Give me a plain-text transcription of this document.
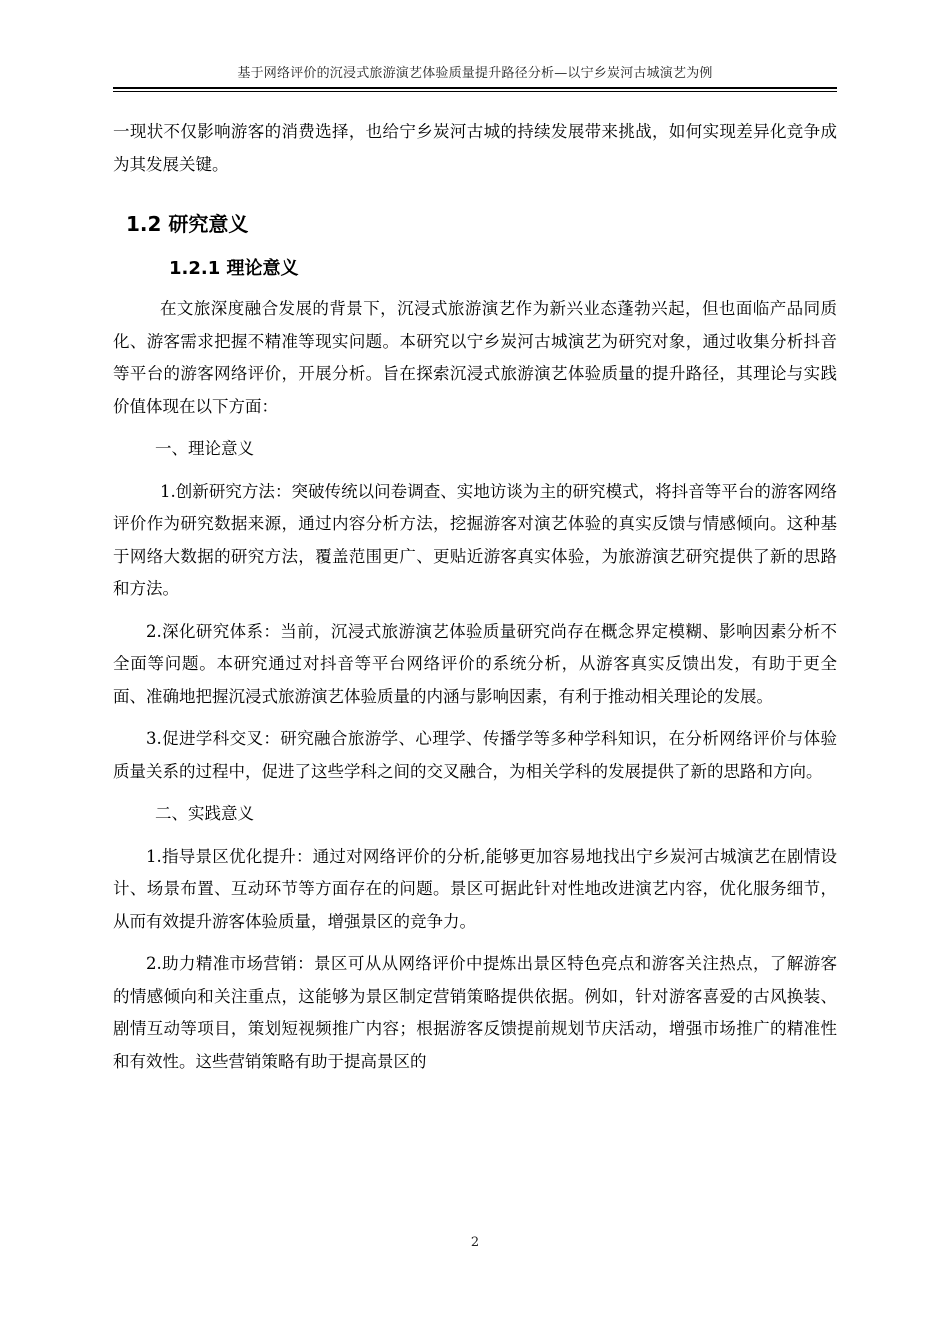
基于网络评价的沉浸式旅游演艺体验质量提升路径分析—以宁乡炭河古城演艺为例

一现状不仅影响游客的消费选择，也给宁乡炭河古城的持续发展带来挑战，如何实现差异化竞争成为其发展关键。

1.2 研究意义
1.2.1 理论意义

在文旅深度融合发展的背景下，沉浸式旅游演艺作为新兴业态蓬勃兴起，但也面临产品同质化、游客需求把握不精准等现实问题。本研究以宁乡炭河古城演艺为研究对象，通过收集分析抖音等平台的游客网络评价，开展分析。旨在探索沉浸式旅游演艺体验质量的提升路径，其理论与实践价值体现在以下方面：

一、理论意义

1.创新研究方法：突破传统以问卷调查、实地访谈为主的研究模式，将抖音等平台的游客网络评价作为研究数据来源，通过内容分析方法，挖掘游客对演艺体验的真实反馈与情感倾向。这种基于网络大数据的研究方法，覆盖范围更广、更贴近游客真实体验，为旅游演艺研究提供了新的思路和方法。

2.深化研究体系：当前，沉浸式旅游演艺体验质量研究尚存在概念界定模糊、影响因素分析不全面等问题。本研究通过对抖音等平台网络评价的系统分析，从游客真实反馈出发，有助于更全面、准确地把握沉浸式旅游演艺体验质量的内涵与影响因素，有利于推动相关理论的发展。

3.促进学科交叉：研究融合旅游学、心理学、传播学等多种学科知识，在分析网络评价与体验质量关系的过程中，促进了这些学科之间的交叉融合，为相关学科的发展提供了新的思路和方向。

二、实践意义

1.指导景区优化提升：通过对网络评价的分析,能够更加容易地找出宁乡炭河古城演艺在剧情设计、场景布置、互动环节等方面存在的问题。景区可据此针对性地改进演艺内容，优化服务细节，从而有效提升游客体验质量，增强景区的竞争力。

2.助力精准市场营销：景区可从从网络评价中提炼出景区特色亮点和游客关注热点，了解游客的情感倾向和关注重点，这能够为景区制定营销策略提供依据。例如，针对游客喜爱的古风换装、剧情互动等项目，策划短视频推广内容；根据游客反馈提前规划节庆活动，增强市场推广的精准性和有效性。这些营销策略有助于提高景区的

2
